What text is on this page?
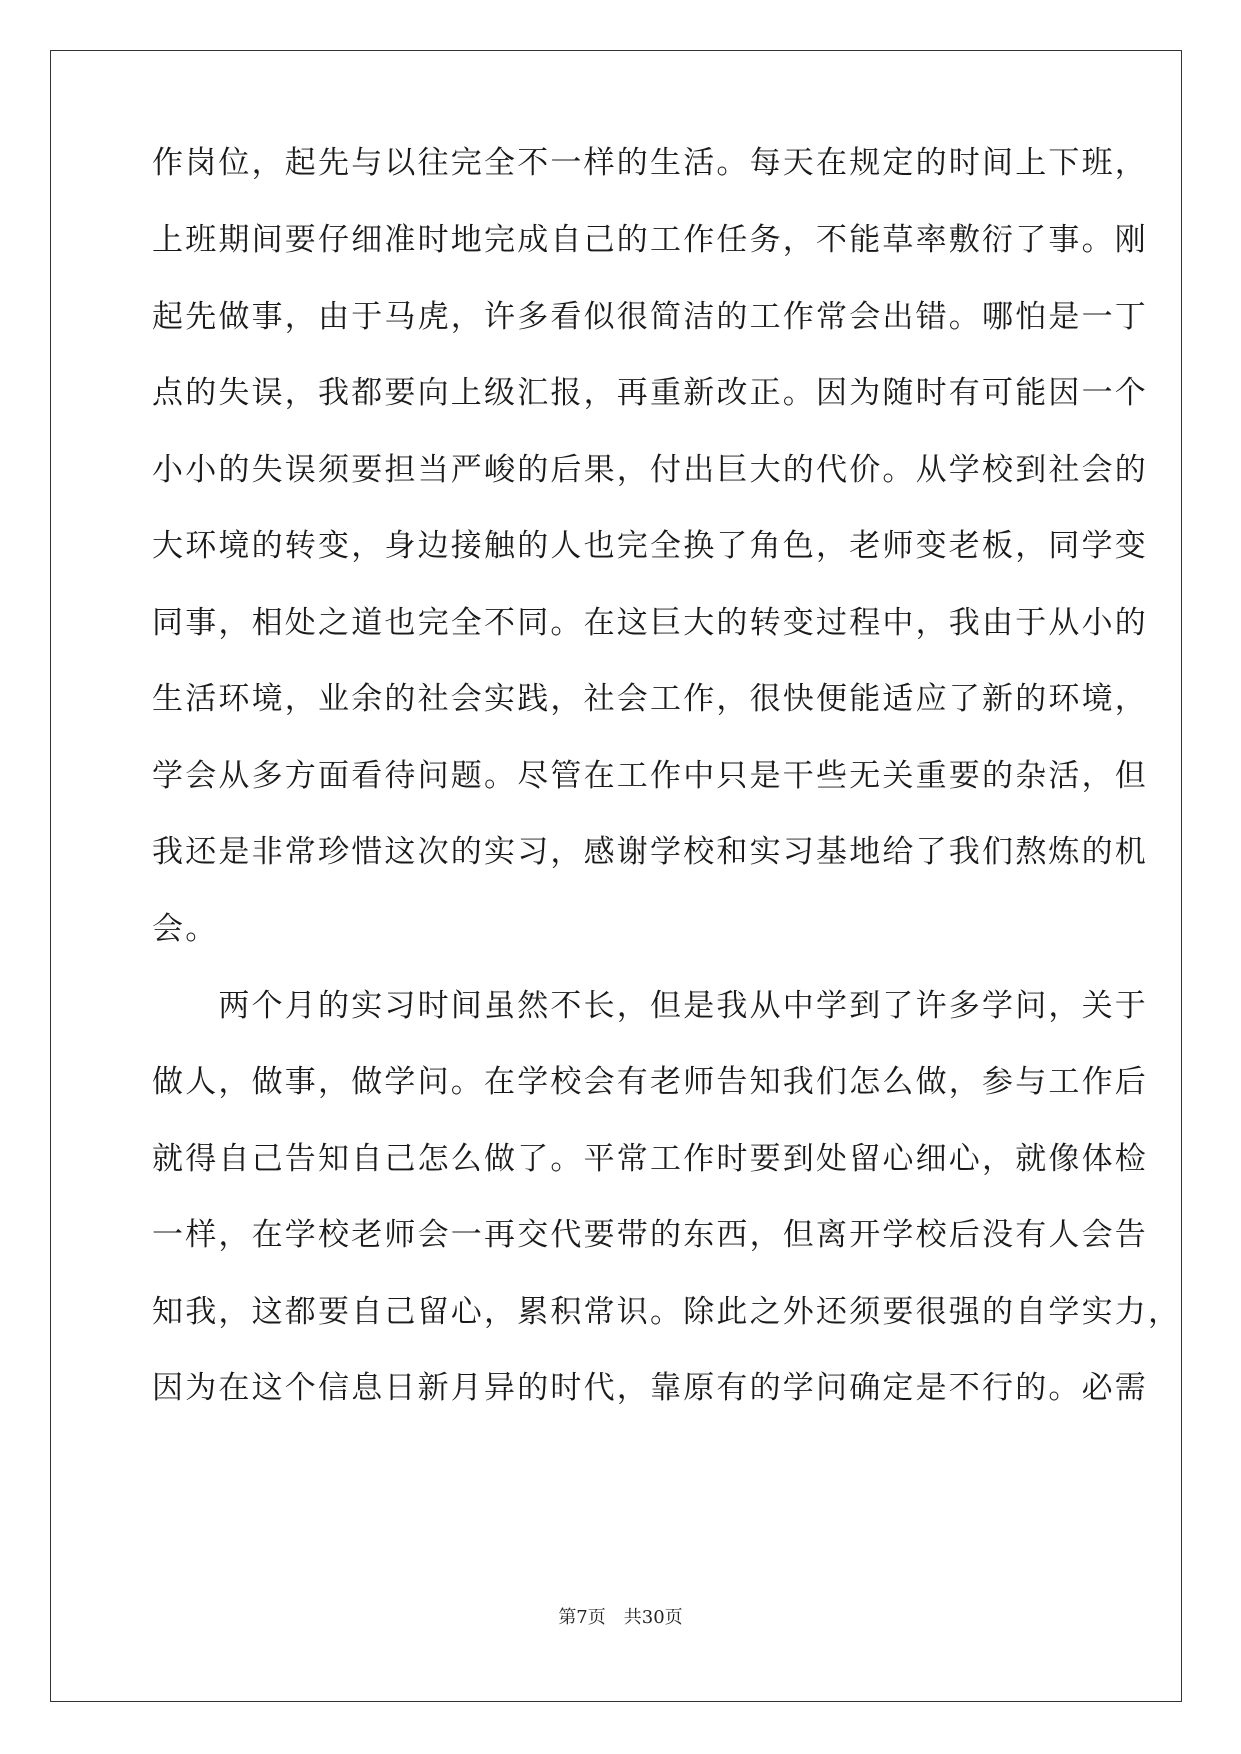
作岗位，起先与以往完全不一样的生活。每天在规定的时间上下班，
上班期间要仔细准时地完成自己的工作任务，不能草率敷衍了事。刚
起先做事，由于马虎，许多看似很简洁的工作常会出错。哪怕是一丁
点的失误，我都要向上级汇报，再重新改正。因为随时有可能因一个
小小的失误须要担当严峻的后果，付出巨大的代价。从学校到社会的
大环境的转变，身边接触的人也完全换了角色，老师变老板，同学变
同事，相处之道也完全不同。在这巨大的转变过程中，我由于从小的
生活环境，业余的社会实践，社会工作，很快便能适应了新的环境，
学会从多方面看待问题。尽管在工作中只是干些无关重要的杂活，但
我还是非常珍惜这次的实习，感谢学校和实习基地给了我们熬炼的机
会。
　　两个月的实习时间虽然不长，但是我从中学到了许多学问，关于
做人，做事，做学问。在学校会有老师告知我们怎么做，参与工作后
就得自己告知自己怎么做了。平常工作时要到处留心细心，就像体检
一样，在学校老师会一再交代要带的东西，但离开学校后没有人会告
知我，这都要自己留心，累积常识。除此之外还须要很强的自学实力，
因为在这个信息日新月异的时代，靠原有的学问确定是不行的。必需
第7页　共30页
